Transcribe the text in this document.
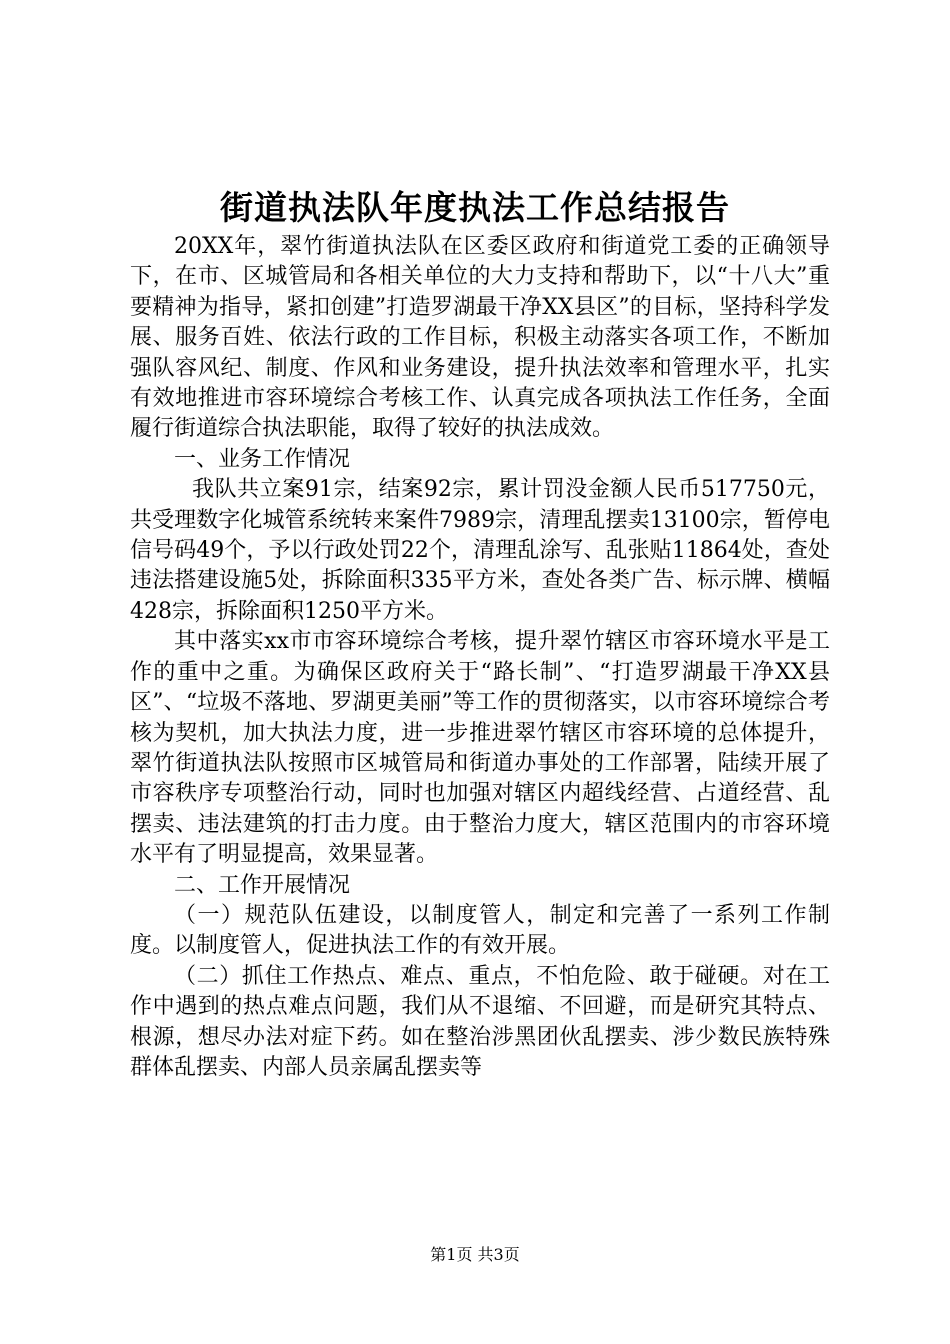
街道执法队年度执法工作总结报告

20XX年，翠竹街道执法队在区委区政府和街道党工委的正确领导下，在市、区城管局和各相关单位的大力支持和帮助下，以“十八大”重要精神为指导，紧扣创建”打造罗湖最干净XX县区”的目标，坚持科学发展、服务百姓、依法行政的工作目标，积极主动落实各项工作，不断加强队容风纪、制度、作风和业务建设，提升执法效率和管理水平，扎实有效地推进市容环境综合考核工作、认真完成各项执法工作任务，全面履行街道综合执法职能，取得了较好的执法成效。

一、业务工作情况

我队共立案91宗，结案92宗，累计罚没金额人民币517750元，共受理数字化城管系统转来案件7989宗，清理乱摆卖13100宗，暂停电信号码49个，予以行政处罚22个，清理乱涂写、乱张贴11864处，查处违法搭建设施5处，拆除面积335平方米，查处各类广告、标示牌、横幅428宗，拆除面积1250平方米。

其中落实xx市市容环境综合考核，提升翠竹辖区市容环境水平是工作的重中之重。为确保区政府关于“路长制”、“打造罗湖最干净XX县区”、“垃圾不落地、罗湖更美丽”等工作的贯彻落实，以市容环境综合考核为契机，加大执法力度，进一步推进翠竹辖区市容环境的总体提升，翠竹街道执法队按照市区城管局和街道办事处的工作部署，陆续开展了市容秩序专项整治行动，同时也加强对辖区内超线经营、占道经营、乱摆卖、违法建筑的打击力度。由于整治力度大，辖区范围内的市容环境水平有了明显提高，效果显著。

二、工作开展情况

（一）规范队伍建设，以制度管人，制定和完善了一系列工作制度。以制度管人，促进执法工作的有效开展。

（二）抓住工作热点、难点、重点，不怕危险、敢于碰硬。对在工作中遇到的热点难点问题，我们从不退缩、不回避，而是研究其特点、根源，想尽办法对症下药。如在整治涉黑团伙乱摆卖、涉少数民族特殊群体乱摆卖、内部人员亲属乱摆卖等

第1页 共3页
